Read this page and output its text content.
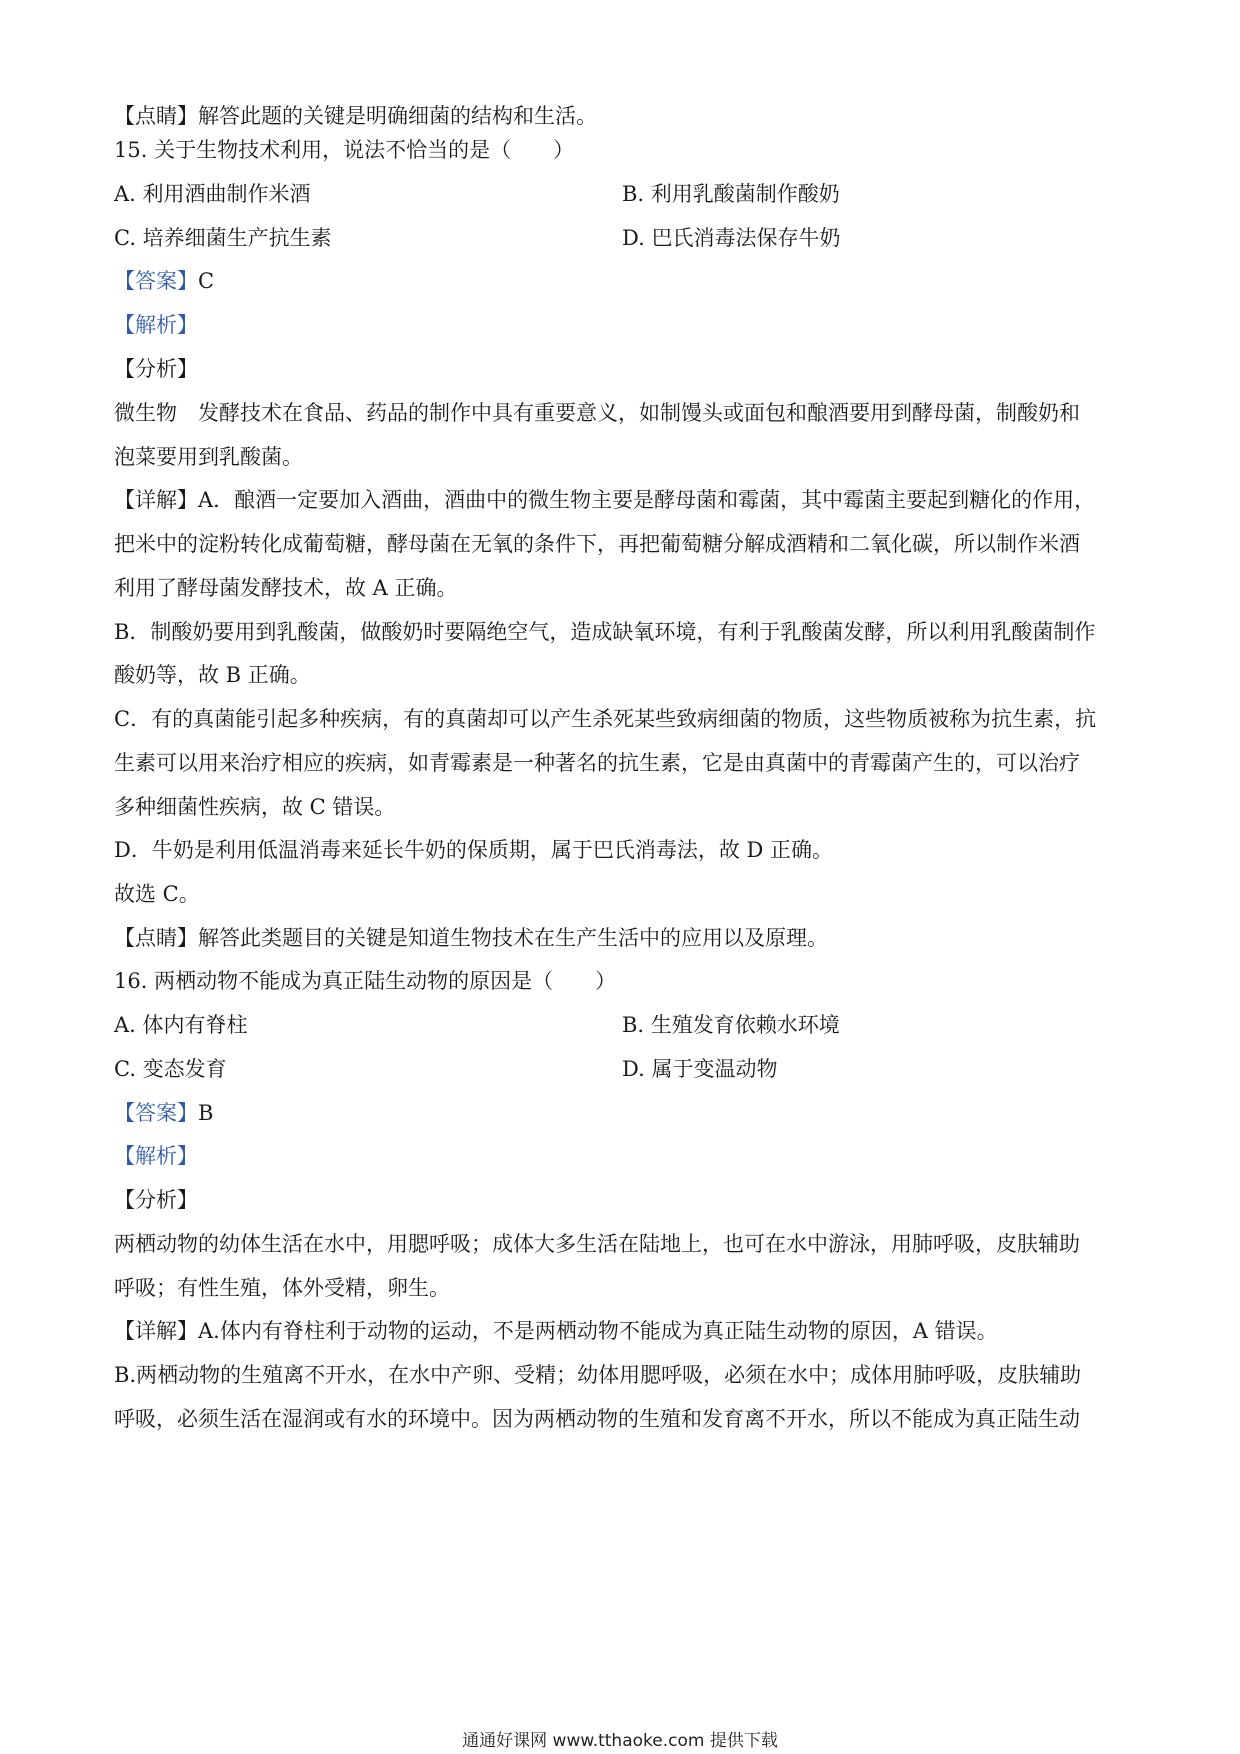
【点睛】解答此题的关键是明确细菌的结构和生活。
15. 关于生物技术利用，说法不恰当的是（　　）
A. 利用酒曲制作米酒	B. 利用乳酸菌制作酸奶
C. 培养细菌生产抗生素	D. 巴氏消毒法保存牛奶
【答案】C
【解析】
【分析】
微生物　发酵技术在食品、药品的制作中具有重要意义，如制馒头或面包和酿酒要用到酵母菌，制酸奶和
泡菜要用到乳酸菌。
【详解】A．酿酒一定要加入酒曲，酒曲中的微生物主要是酵母菌和霉菌，其中霉菌主要起到糖化的作用，
把米中的淀粉转化成葡萄糖，酵母菌在无氧的条件下，再把葡萄糖分解成酒精和二氧化碳，所以制作米酒
利用了酵母菌发酵技术，故 A 正确。
B．制酸奶要用到乳酸菌，做酸奶时要隔绝空气，造成缺氧环境，有利于乳酸菌发酵，所以利用乳酸菌制作
酸奶等，故 B 正确。
C．有的真菌能引起多种疾病，有的真菌却可以产生杀死某些致病细菌的物质，这些物质被称为抗生素，抗
生素可以用来治疗相应的疾病，如青霉素是一种著名的抗生素，它是由真菌中的青霉菌产生的，可以治疗
多种细菌性疾病，故 C 错误。
D．牛奶是利用低温消毒来延长牛奶的保质期，属于巴氏消毒法，故 D 正确。
故选 C。
【点睛】解答此类题目的关键是知道生物技术在生产生活中的应用以及原理。
16. 两栖动物不能成为真正陆生动物的原因是（　　）
A. 体内有脊柱	B. 生殖发育依赖水环境
C. 变态发育	D. 属于变温动物
【答案】B
【解析】
【分析】
两栖动物的幼体生活在水中，用腮呼吸；成体大多生活在陆地上，也可在水中游泳，用肺呼吸，皮肤辅助
呼吸；有性生殖，体外受精，卵生。
【详解】A.体内有脊柱利于动物的运动，不是两栖动物不能成为真正陆生动物的原因，A 错误。
B.两栖动物的生殖离不开水，在水中产卵、受精；幼体用腮呼吸，必须在水中；成体用肺呼吸，皮肤辅助
呼吸，必须生活在湿润或有水的环境中。因为两栖动物的生殖和发育离不开水，所以不能成为真正陆生动
通通好课网 www.tthaoke.com 提供下载
